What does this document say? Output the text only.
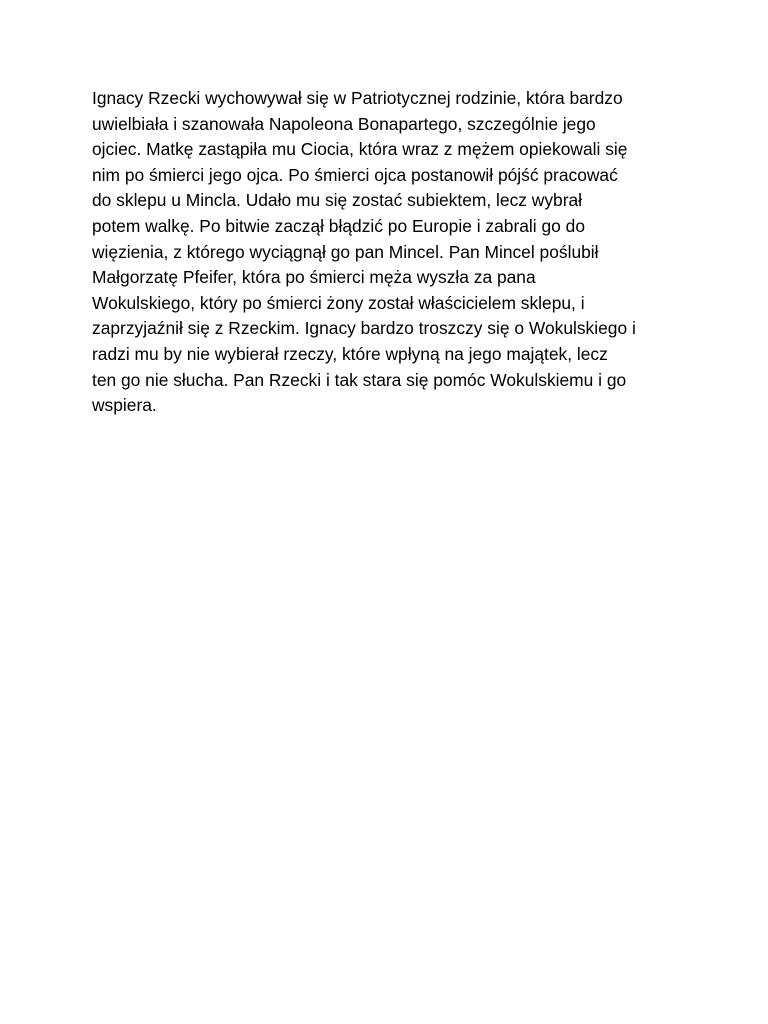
Ignacy Rzecki wychowywał się w Patriotycznej rodzinie, która bardzo
uwielbiała i szanowała Napoleona Bonapartego, szczególnie jego
ojciec. Matkę zastąpiła mu Ciocia, która wraz z mężem opiekowali się
nim po śmierci jego ojca. Po śmierci ojca postanowił pójść pracować
do sklepu u Mincla. Udało mu się zostać subiektem, lecz wybrał
potem walkę. Po bitwie zaczął błądzić po Europie i zabrali go do
więzienia, z którego wyciągnął go pan Mincel. Pan Mincel poślubił
Małgorzatę Pfeifer, która po śmierci męża wyszła za pana
Wokulskiego, który po śmierci żony został właścicielem sklepu, i
zaprzyjaźnił się z Rzeckim. Ignacy bardzo troszczy się o Wokulskiego i
radzi mu by nie wybierał rzeczy, które wpłyną na jego majątek, lecz
ten go nie słucha. Pan Rzecki i tak stara się pomóc Wokulskiemu i go
wspiera.
